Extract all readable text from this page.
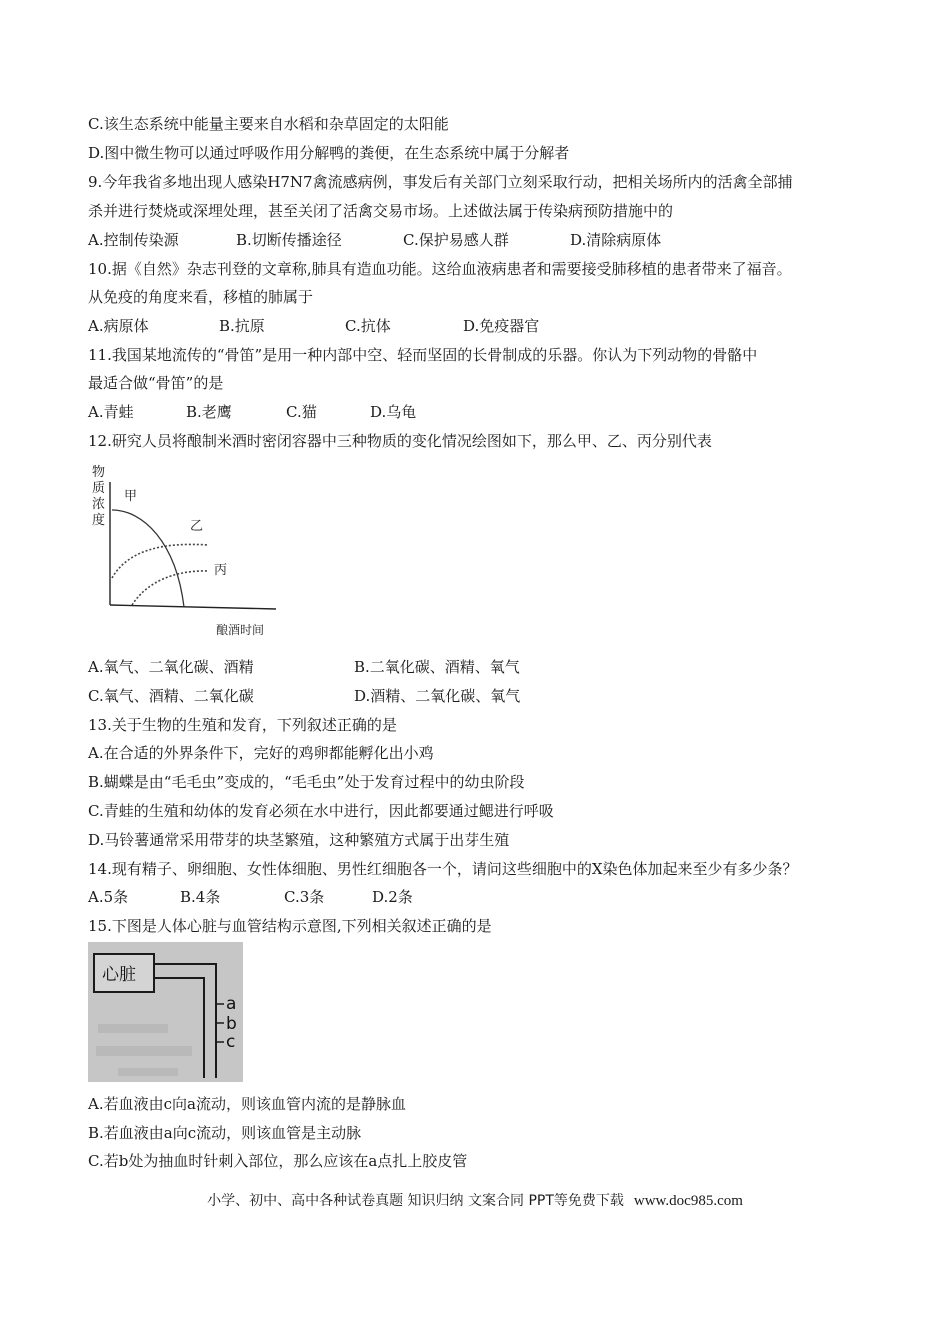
C.该生态系统中能量主要来自水稻和杂草固定的太阳能
D.图中微生物可以通过呼吸作用分解鸭的粪便，在生态系统中属于分解者
9.今年我省多地出现人感染H7N7禽流感病例，事发后有关部门立刻采取行动，把相关场所内的活禽全部捕
杀并进行焚烧或深埋处理，甚至关闭了活禽交易市场。上述做法属于传染病预防措施中的
A.控制传染源	B.切断传播途径	C.保护易感人群	D.清除病原体
10.据《自然》杂志刊登的文章称,肺具有造血功能。这给血液病患者和需要接受肺移植的患者带来了福音。
从免疫的角度来看，移植的肺属于
A.病原体	B.抗原	C.抗体	D.免疫器官
11.我国某地流传的“骨笛”是用一种内部中空、轻而坚固的长骨制成的乐器。你认为下列动物的骨骼中
最适合做“骨笛”的是
A.青蛙	B.老鹰	C.猫	D.乌龟
12.研究人员将酿制米酒时密闭容器中三种物质的变化情况绘图如下，那么甲、乙、丙分别代表
物
质
浓
度
甲
乙
丙
酿酒时间
A.氧气、二氧化碳、酒精	B.二氧化碳、酒精、氧气
C.氧气、酒精、二氧化碳	D.酒精、二氧化碳、氧气
13.关于生物的生殖和发育，下列叙述正确的是
A.在合适的外界条件下，完好的鸡卵都能孵化出小鸡
B.蝴蝶是由“毛毛虫”变成的，“毛毛虫”处于发育过程中的幼虫阶段
C.青蛙的生殖和幼体的发育必须在水中进行，因此都要通过鳃进行呼吸
D.马铃薯通常采用带芽的块茎繁殖，这种繁殖方式属于出芽生殖
14.现有精子、卵细胞、女性体细胞、男性红细胞各一个，请问这些细胞中的X染色体加起来至少有多少条？
A.5条	B.4条	C.3条	D.2条
15.下图是人体心脏与血管结构示意图,下列相关叙述正确的是
心脏
a
b
c
A.若血液由c向a流动，则该血管内流的是静脉血
B.若血液由a向c流动，则该血管是主动脉
C.若b处为抽血时针刺入部位，那么应该在a点扎上胶皮管
小学、初中、高中各种试卷真题 知识归纳 文案合同 PPT等免费下载 www.doc985.com
